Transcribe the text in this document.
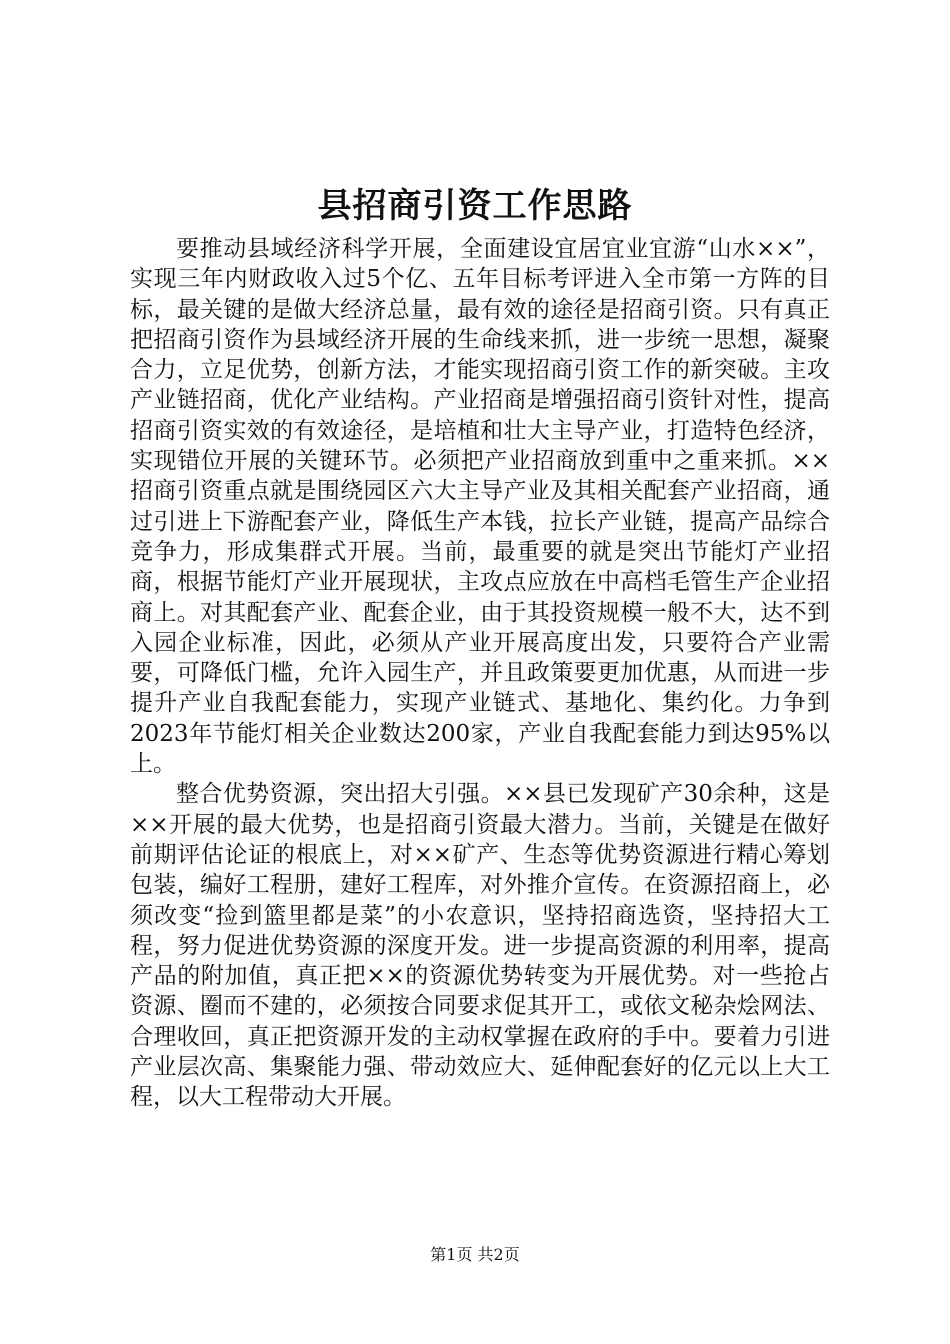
县招商引资工作思路

要推动县域经济科学开展，全面建设宜居宜业宜游“山水××”，实现三年内财政收入过5个亿、五年目标考评进入全市第一方阵的目标，最关键的是做大经济总量，最有效的途径是招商引资。只有真正把招商引资作为县域经济开展的生命线来抓，进一步统一思想，凝聚合力，立足优势，创新方法，才能实现招商引资工作的新突破。主攻产业链招商，优化产业结构。产业招商是增强招商引资针对性，提高招商引资实效的有效途径，是培植和壮大主导产业，打造特色经济，实现错位开展的关键环节。必须把产业招商放到重中之重来抓。××招商引资重点就是围绕园区六大主导产业及其相关配套产业招商，通过引进上下游配套产业，降低生产本钱，拉长产业链，提高产品综合竞争力，形成集群式开展。当前，最重要的就是突出节能灯产业招商，根据节能灯产业开展现状，主攻点应放在中高档毛管生产企业招商上。对其配套产业、配套企业，由于其投资规模一般不大，达不到入园企业标准，因此，必须从产业开展高度出发，只要符合产业需要，可降低门槛，允许入园生产，并且政策要更加优惠，从而进一步提升产业自我配套能力，实现产业链式、基地化、集约化。力争到2023年节能灯相关企业数达200家，产业自我配套能力到达95%以上。

整合优势资源，突出招大引强。××县已发现矿产30余种，这是××开展的最大优势，也是招商引资最大潜力。当前，关键是在做好前期评估论证的根底上，对××矿产、生态等优势资源进行精心筹划包装，编好工程册，建好工程库，对外推介宣传。在资源招商上，必须改变“捡到篮里都是菜”的小农意识，坚持招商选资，坚持招大工程，努力促进优势资源的深度开发。进一步提高资源的利用率，提高产品的附加值，真正把××的资源优势转变为开展优势。对一些抢占资源、圈而不建的，必须按合同要求促其开工，或依文秘杂烩网法、合理收回，真正把资源开发的主动权掌握在政府的手中。要着力引进产业层次高、集聚能力强、带动效应大、延伸配套好的亿元以上大工程，以大工程带动大开展。

第1页 共2页
